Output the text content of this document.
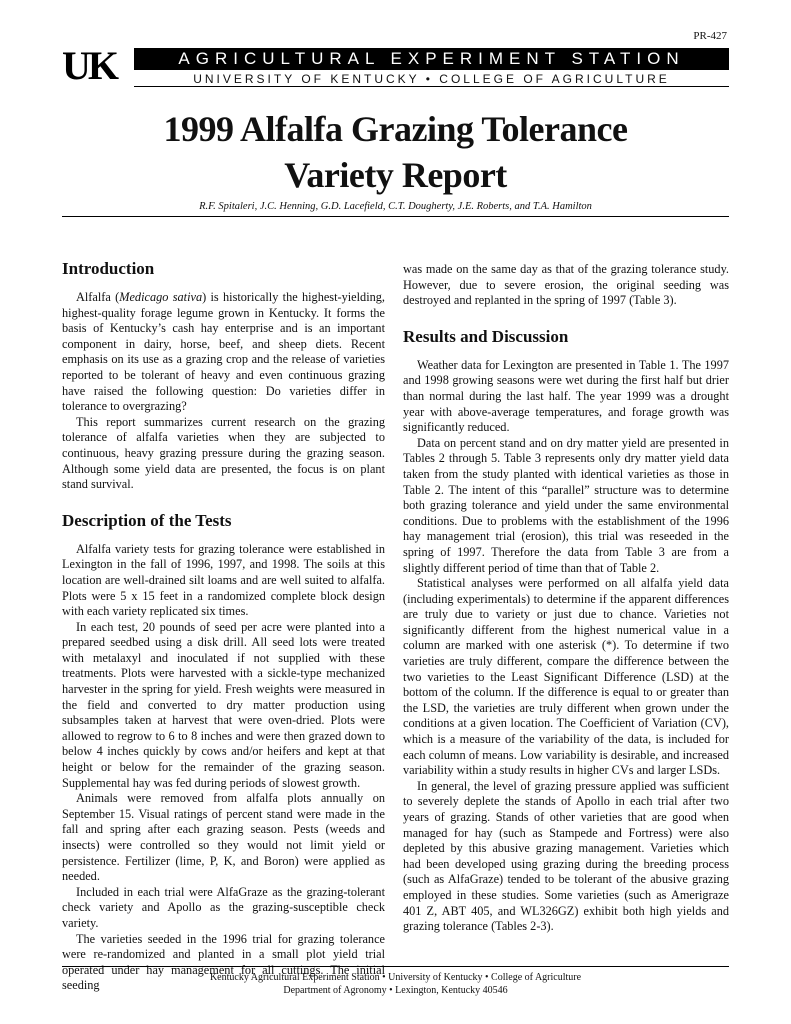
PR-427
UK	AGRICULTURAL EXPERIMENT STATION
UNIVERSITY OF KENTUCKY • COLLEGE OF AGRICULTURE
1999 Alfalfa Grazing Tolerance
Variety Report
R.F. Spitaleri, J.C. Henning, G.D. Lacefield, C.T. Dougherty, J.E. Roberts, and T.A. Hamilton
Introduction

Alfalfa (Medicago sativa) is historically the highest-yielding, highest-quality forage legume grown in Kentucky. It forms the basis of Kentucky’s cash hay enterprise and is an important component in dairy, horse, beef, and sheep diets. Recent emphasis on its use as a grazing crop and the release of varieties reported to be tolerant of heavy and even continuous grazing have raised the following question: Do varieties differ in tolerance to overgrazing?

This report summarizes current research on the grazing tolerance of alfalfa varieties when they are subjected to continuous, heavy grazing pressure during the grazing season. Although some yield data are presented, the focus is on plant stand survival.

Description of the Tests

Alfalfa variety tests for grazing tolerance were established in Lexington in the fall of 1996, 1997, and 1998. The soils at this location are well-drained silt loams and are well suited to alfalfa. Plots were 5 x 15 feet in a randomized complete block design with each variety replicated six times.

In each test, 20 pounds of seed per acre were planted into a prepared seedbed using a disk drill. All seed lots were treated with metalaxyl and inoculated if not supplied with these treatments. Plots were harvested with a sickle-type mechanized harvester in the spring for yield. Fresh weights were measured in the field and converted to dry matter production using subsamples taken at harvest that were oven-dried. Plots were allowed to regrow to 6 to 8 inches and were then grazed down to below 4 inches quickly by cows and/or heifers and kept at that height or below for the remainder of the grazing season. Supplemental hay was fed during periods of slowest growth.

Animals were removed from alfalfa plots annually on September 15. Visual ratings of percent stand were made in the fall and spring after each grazing season. Pests (weeds and insects) were controlled so they would not limit yield or persistence. Fertilizer (lime, P, K, and Boron) were applied as needed.

Included in each trial were AlfaGraze as the grazing-tolerant check variety and Apollo as the grazing-susceptible check variety.

The varieties seeded in the 1996 trial for grazing tolerance were re-randomized and planted in a small plot yield trial operated under hay management for all cuttings. The initial seeding

was made on the same day as that of the grazing tolerance study. However, due to severe erosion, the original seeding was destroyed and replanted in the spring of 1997 (Table 3).

Results and Discussion

Weather data for Lexington are presented in Table 1. The 1997 and 1998 growing seasons were wet during the first half but drier than normal during the last half. The year 1999 was a drought year with above-average temperatures, and forage growth was significantly reduced.

Data on percent stand and on dry matter yield are presented in Tables 2 through 5. Table 3 represents only dry matter yield data taken from the study planted with identical varieties as those in Table 2. The intent of this “parallel” structure was to determine both grazing tolerance and yield under the same environmental conditions. Due to problems with the establishment of the 1996 hay management trial (erosion), this trial was reseeded in the spring of 1997. Therefore the data from Table 3 are from a slightly different period of time than that of Table 2.

Statistical analyses were performed on all alfalfa yield data (including experimentals) to determine if the apparent differences are truly due to variety or just due to chance. Varieties not significantly different from the highest numerical value in a column are marked with one asterisk (*). To determine if two varieties are truly different, compare the difference between the two varieties to the Least Significant Difference (LSD) at the bottom of the column. If the difference is equal to or greater than the LSD, the varieties are truly different when grown under the conditions at a given location. The Coefficient of Variation (CV), which is a measure of the variability of the data, is included for each column of means. Low variability is desirable, and increased variability within a study results in higher CVs and larger LSDs.

In general, the level of grazing pressure applied was sufficient to severely deplete the stands of Apollo in each trial after two years of grazing. Stands of other varieties that are good when managed for hay (such as Stampede and Fortress) were also depleted by this abusive grazing management. Varieties which had been developed using grazing during the breeding process (such as AlfaGraze) tended to be tolerant of the abusive grazing employed in these studies. Some varieties (such as Amerigraze 401 Z, ABT 405, and WL326GZ) exhibit both high yields and grazing tolerance (Tables 2-3).

Kentucky Agricultural Experiment Station • University of Kentucky • College of Agriculture
Department of Agronomy • Lexington, Kentucky 40546
